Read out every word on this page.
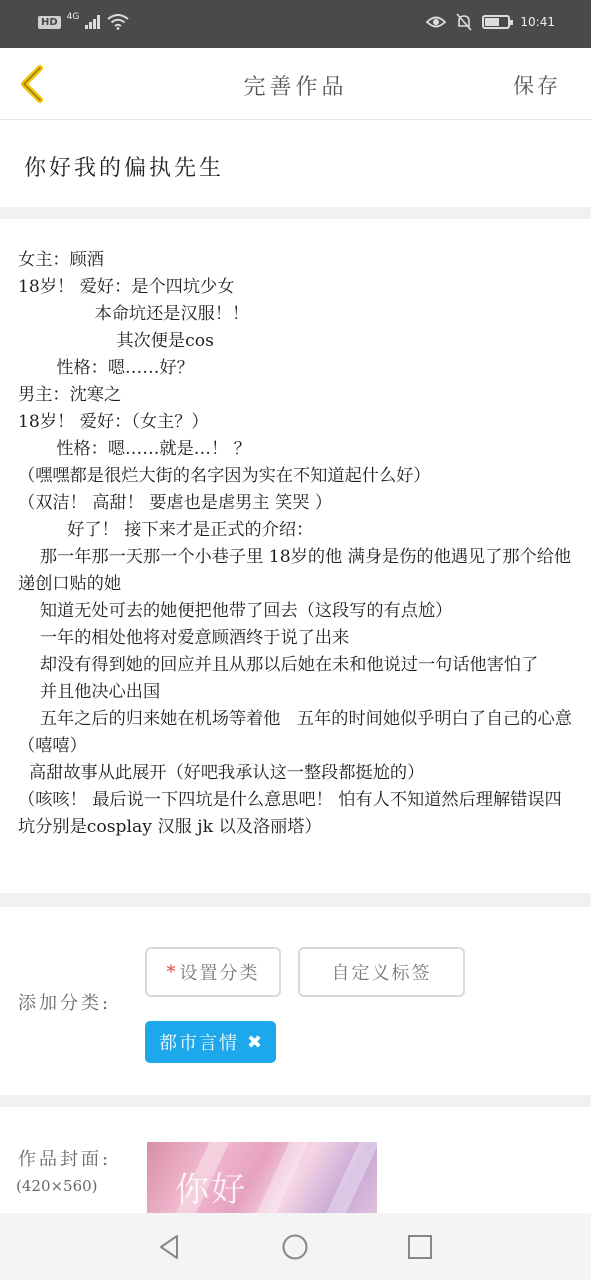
HD	4G	10:41
完善作品	保存
你好我的偏执先生
女主：顾酒
18岁！ 爱好：是个四坑少女
本命坑还是汉服！！
其次便是cos
性格：嗯……好？
男主：沈寒之
18岁！ 爱好：（女主？）
性格：嗯……就是…！ ？
（嘿嘿都是很烂大街的名字因为实在不知道起什么好）
（双洁！ 高甜！ 要虐也是虐男主 笑哭 ）
好了！ 接下来才是正式的介绍：
那一年那一天那一个小巷子里 18岁的他 满身是伤的他遇见了那个给他递创口贴的她
知道无处可去的她便把他带了回去（这段写的有点尬）
一年的相处他将对爱意顾酒终于说了出来
却没有得到她的回应并且从那以后她在未和他说过一句话他害怕了
并且他决心出国
五年之后的归来她在机场等着他   五年的时间她似乎明白了自己的心意（嘻嘻）
高甜故事从此展开（好吧我承认这一整段都挺尬的）
（咳咳！ 最后说一下四坑是什么意思吧！ 怕有人不知道然后理解错误四坑分别是cosplay 汉服 jk 以及洛丽塔）
添加分类:
* 设置分类	自定义标签
都市言情 ✖
作品封面:
(420×560) 你好
